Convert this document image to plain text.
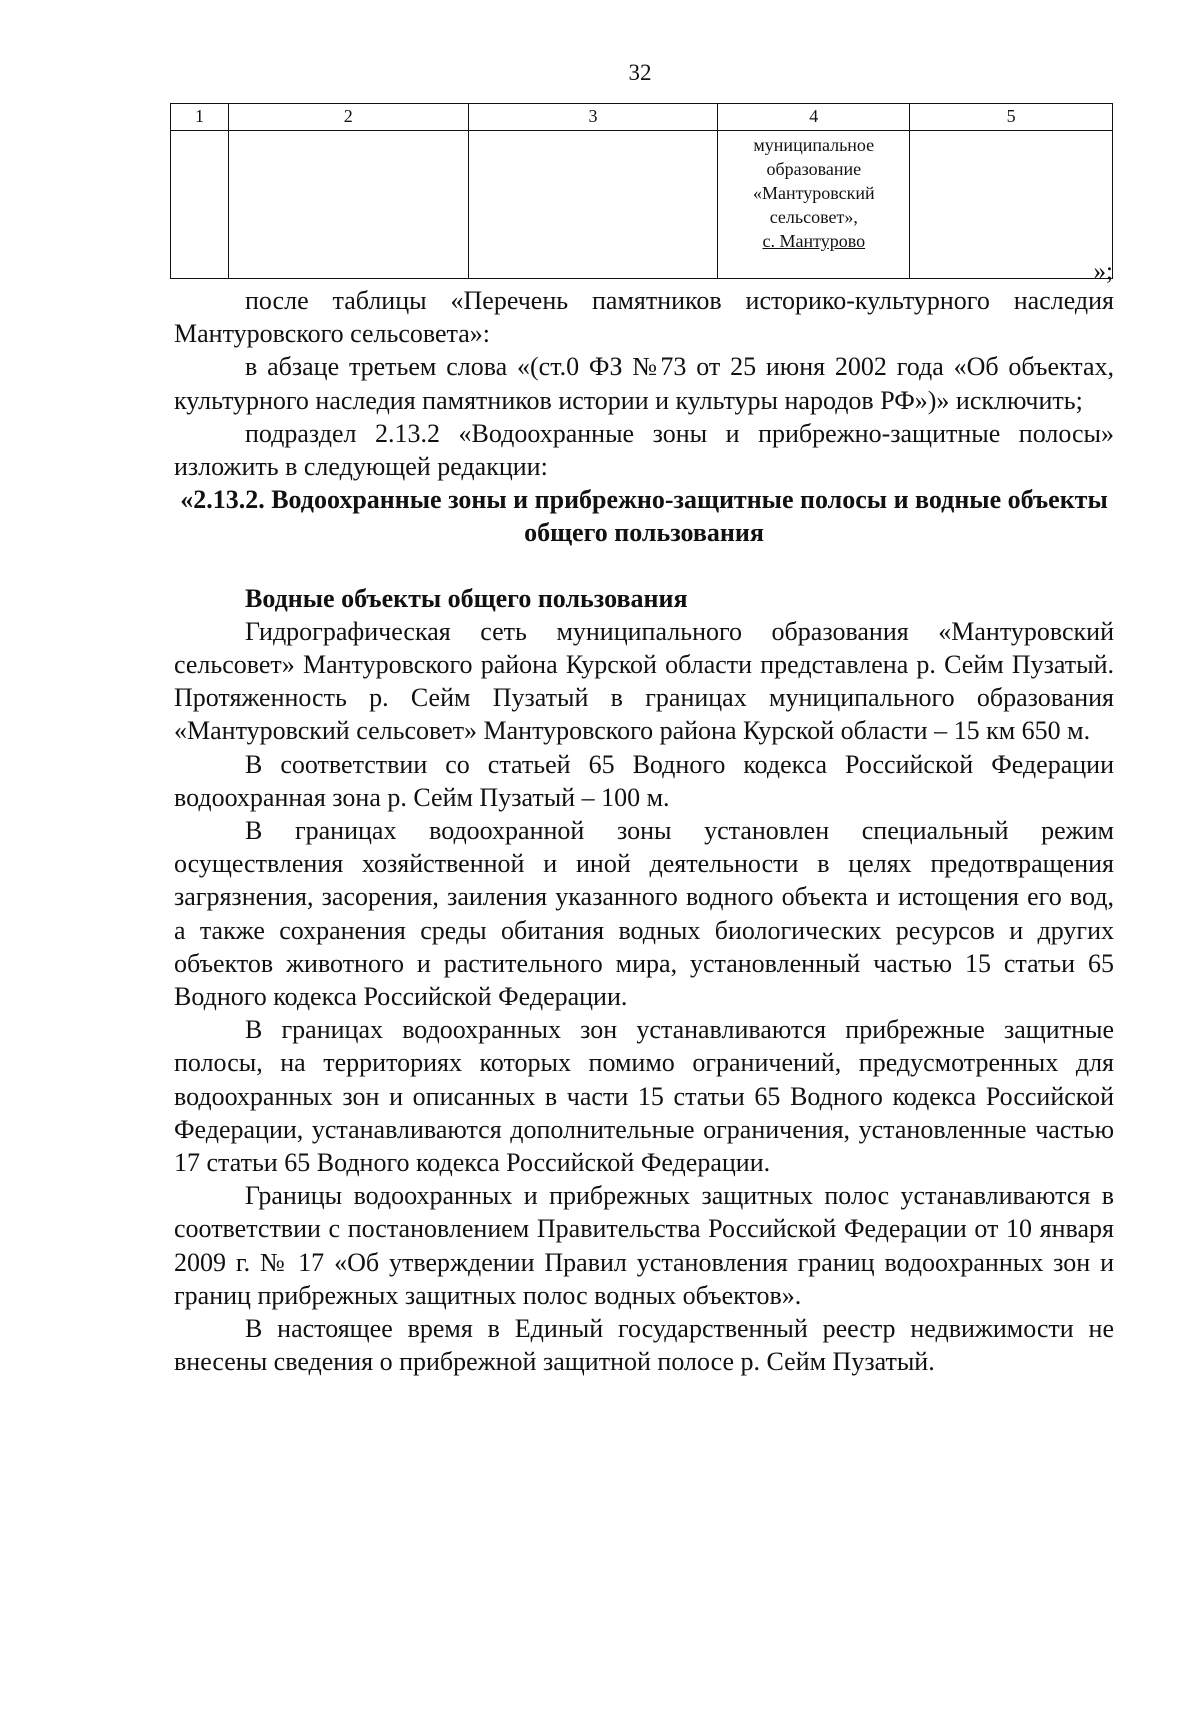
32
1	2	3	4	5

			муниципальное
образование
«Мантуровский
сельсовет»,
с. Мантурово	

»;

после таблицы «Перечень памятников историко-культурного наследия Мантуровского сельсовета»:

в абзаце третьем слова «(ст.0 ФЗ №73 от 25 июня 2002 года «Об объектах, культурного наследия памятников истории и культуры народов РФ»)» исключить;

подраздел 2.13.2 «Водоохранные зоны и прибрежно-защитные полосы» изложить в следующей редакции:

«2.13.2. Водоохранные зоны и прибрежно-защитные полосы и водные объекты общего пользования

Водные объекты общего пользования

Гидрографическая сеть муниципального образования «Мантуровский сельсовет» Мантуровского района Курской области представлена р. Сейм Пузатый. Протяженность р. Сейм Пузатый в границах муниципального образования «Мантуровский сельсовет» Мантуровского района Курской области – 15 км 650 м.

В соответствии со статьей 65 Водного кодекса Российской Федерации водоохранная зона р. Сейм Пузатый – 100 м.

В границах водоохранной зоны установлен специальный режим осуществления хозяйственной и иной деятельности в целях предотвращения загрязнения, засорения, заиления указанного водного объекта и истощения его вод, а также сохранения среды обитания водных биологических ресурсов и других объектов животного и растительного мира, установленный частью 15 статьи 65 Водного кодекса Российской Федерации.

В границах водоохранных зон устанавливаются прибрежные защитные полосы, на территориях которых помимо ограничений, предусмотренных для водоохранных зон и описанных в части 15 статьи 65 Водного кодекса Российской Федерации, устанавливаются дополнительные ограничения, установленные частью 17 статьи 65 Водного кодекса Российской Федерации.

Границы водоохранных и прибрежных защитных полос устанавливаются в соответствии с постановлением Правительства Российской Федерации от 10 января 2009 г. № 17 «Об утверждении Правил установления границ водоохранных зон и границ прибрежных защитных полос водных объектов».

В настоящее время в Единый государственный реестр недвижимости не внесены сведения о прибрежной защитной полосе р. Сейм Пузатый.
